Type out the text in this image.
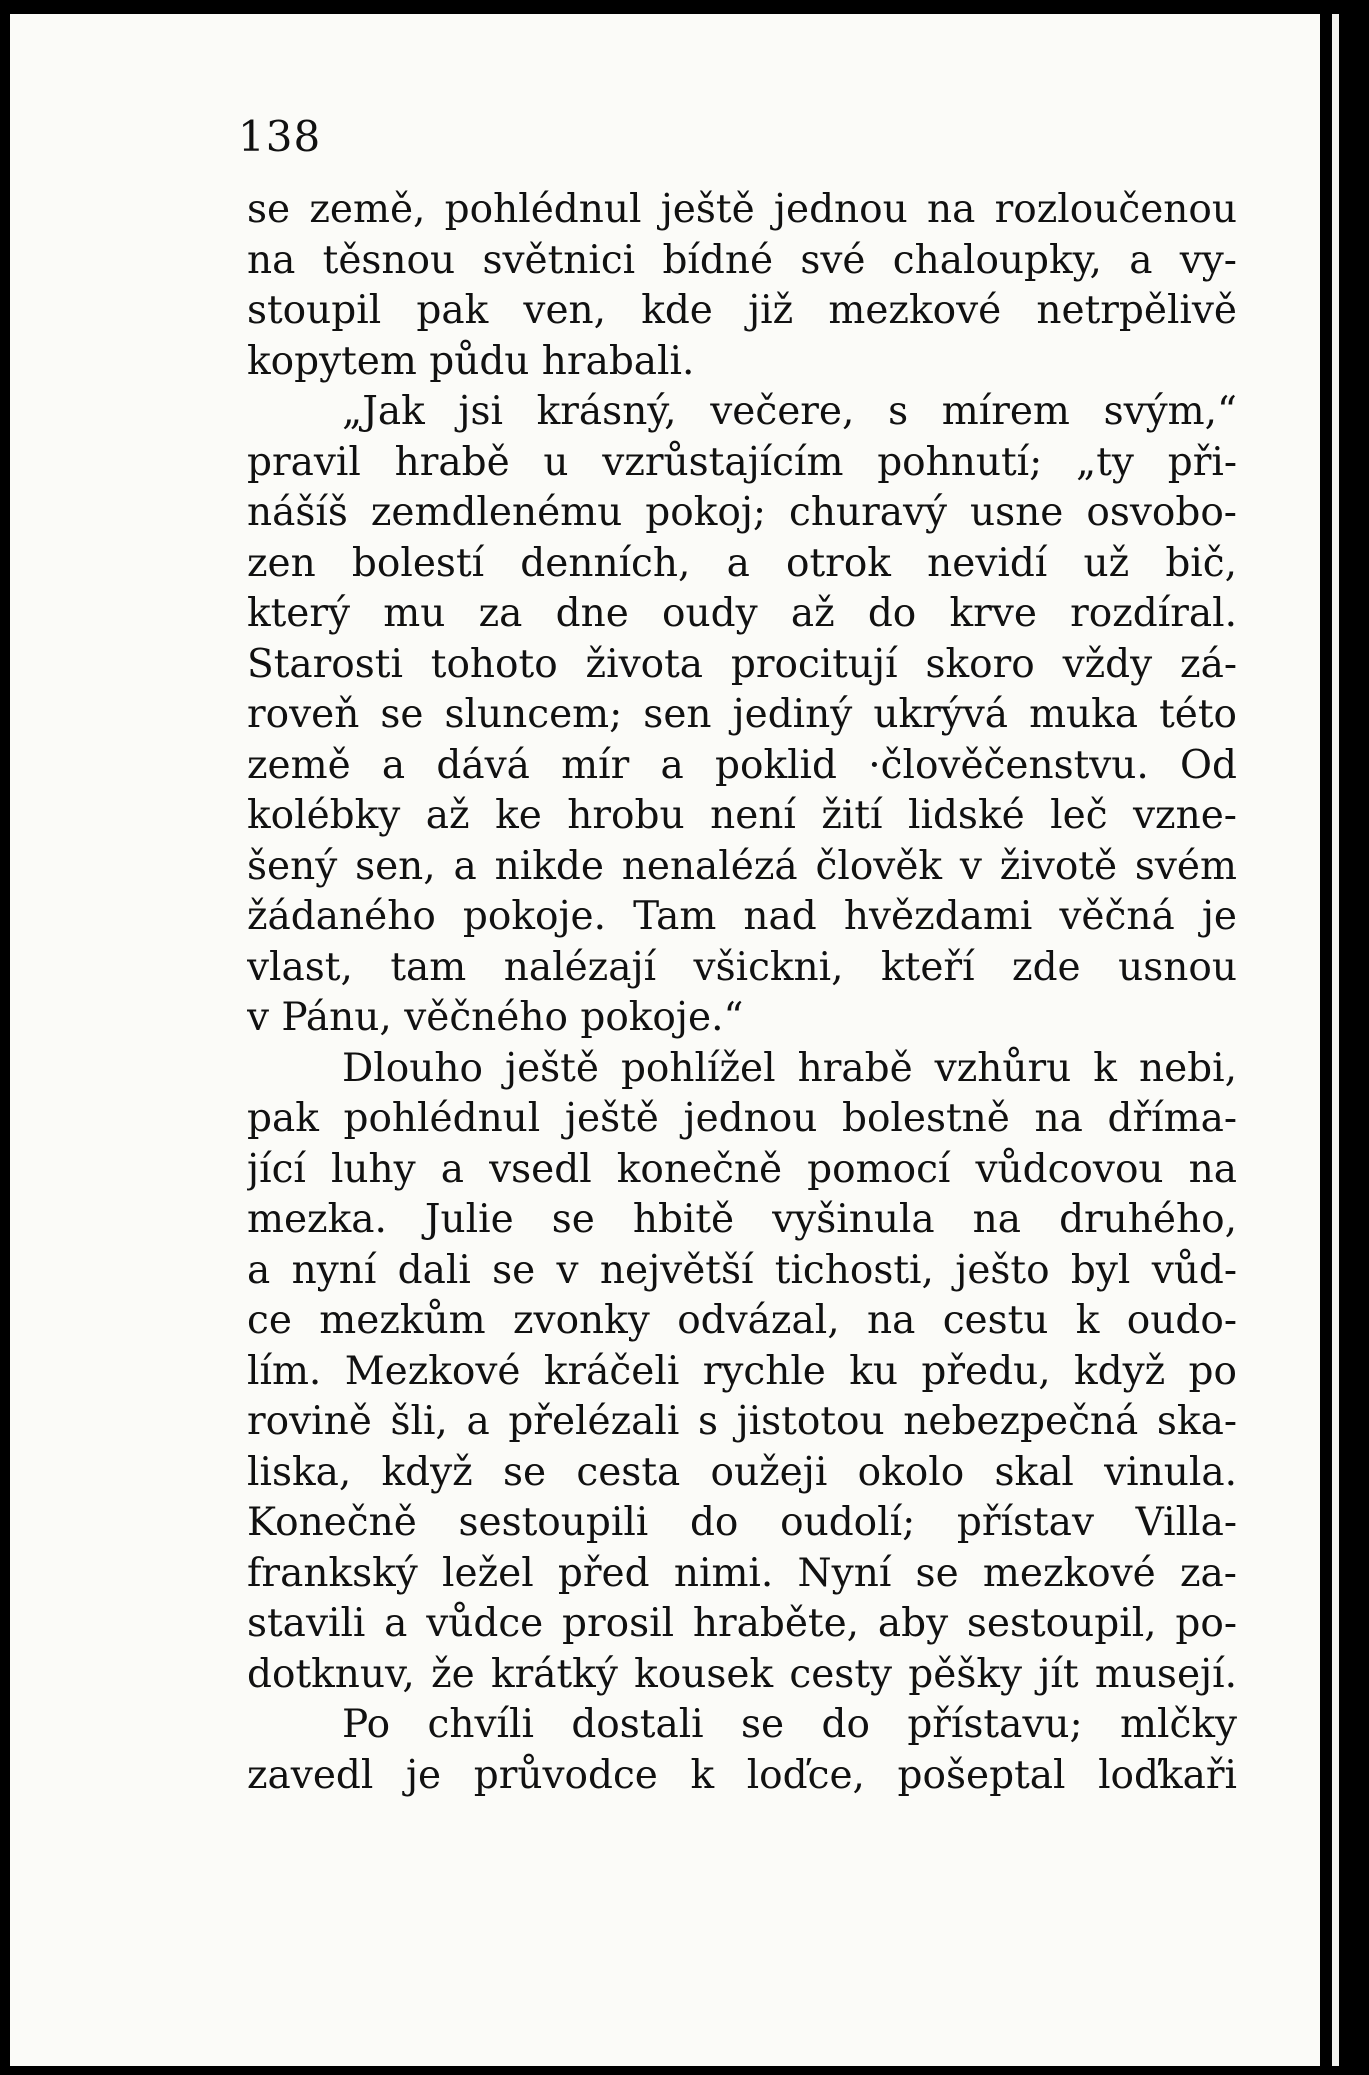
138
se země, pohlédnul ještě jednou na rozloučenou
na těsnou světnici bídné své chaloupky, a vy-
stoupil pak ven, kde již mezkové netrpělivě
kopytem půdu hrabali.
„Jak jsi krásný, večere, s mírem svým,“
pravil hrabě u vzrůstajícím pohnutí; „ty při-
nášíš zemdlenému pokoj; churavý usne osvobo-
zen bolestí denních, a otrok nevidí už bič,
který mu za dne oudy až do krve rozdíral.
Starosti tohoto života procitují skoro vždy zá-
roveň se sluncem; sen jediný ukrývá muka této
země a dává mír a poklid ·člověčenstvu. Od
kolébky až ke hrobu není žití lidské leč vzne-
šený sen, a nikde nenalézá člověk v životě svém
žádaného pokoje. Tam nad hvězdami věčná je
vlast, tam nalézají všickni, kteří zde usnou
v Pánu, věčného pokoje.“
Dlouho ještě pohlížel hrabě vzhůru k nebi,
pak pohlédnul ještě jednou bolestně na dříma-
jící luhy a vsedl konečně pomocí vůdcovou na
mezka. Julie se hbitě vyšinula na druhého,
a nyní dali se v největší tichosti, ješto byl vůd-
ce mezkům zvonky odvázal, na cestu k oudo-
lím. Mezkové kráčeli rychle ku předu, když po
rovině šli, a přelézali s jistotou nebezpečná ska-
liska, když se cesta oužeji okolo skal vinula.
Konečně sestoupili do oudolí; přístav Villa-
frankský ležel před nimi. Nyní se mezkové za-
stavili a vůdce prosil hraběte, aby sestoupil, po-
dotknuv, že krátký kousek cesty pěšky jít musejí.
Po chvíli dostali se do přístavu; mlčky
zavedl je průvodce k loďce, pošeptal loďkaři
